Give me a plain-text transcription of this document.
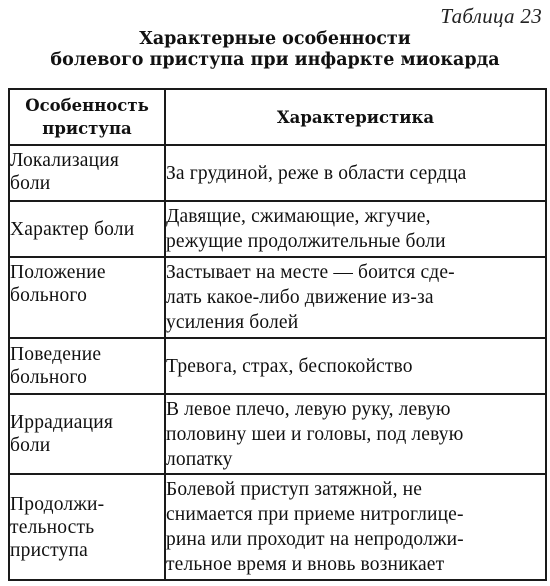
Таблица 23
Характерные особенности
болевого приступа при инфаркте миокарда
Особенность
приступа	Характеристика

Локализация
боли	За грудиной, реже в области сердца

Характер боли	Давящие, сжимающие, жгучие,
режущие продолжительные боли

Положение
больного	Застывает на месте — боится сде-
лать какое-либо движение из-за
усиления болей

Поведение
больного	Тревога, страх, беспокойство

Иррадиация
боли	В левое плечо, левую руку, левую
половину шеи и головы, под левую
лопатку

Продолжи-
тельность
приступа	Болевой приступ затяжной, не
снимается при приеме нитроглице-
рина или проходит на непродолжи-
тельное время и вновь возникает
